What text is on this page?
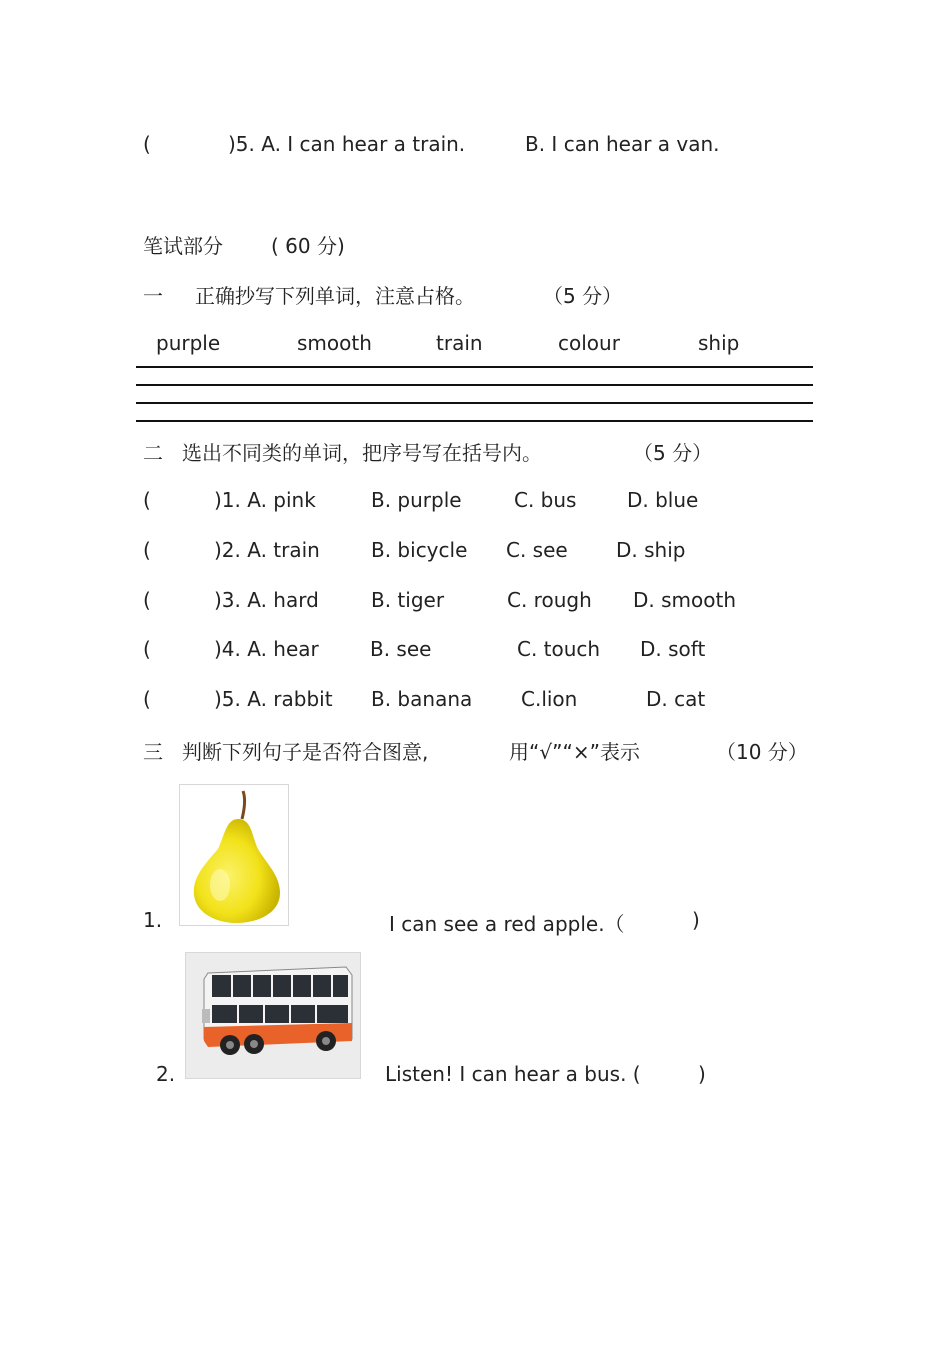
(	)5. A. I can hear a train.	B. I can hear a van.
笔试部分 ( 60 分)
一 正确抄写下列单词，注意占格。	（5 分）
purple	smooth	train	colour	ship
二 选出不同类的单词，把序号写在括号内。	（5 分）
(	)1. A. pink	B. purple	C. bus	D. blue
(	)2. A. train	B. bicycle C. see D. ship
(	)3. A. hard	B. tiger	C. rough D. smooth
(	)4. A. hear	B. see	C. touch D. soft
(	)5. A. rabbit B. banana C.lion	D. cat
三 判断下列句子是否符合图意,	用“√”“×”表示	（10 分）
1.	I can see a red apple.（	)
2.	Listen! I can hear a bus. (	)
